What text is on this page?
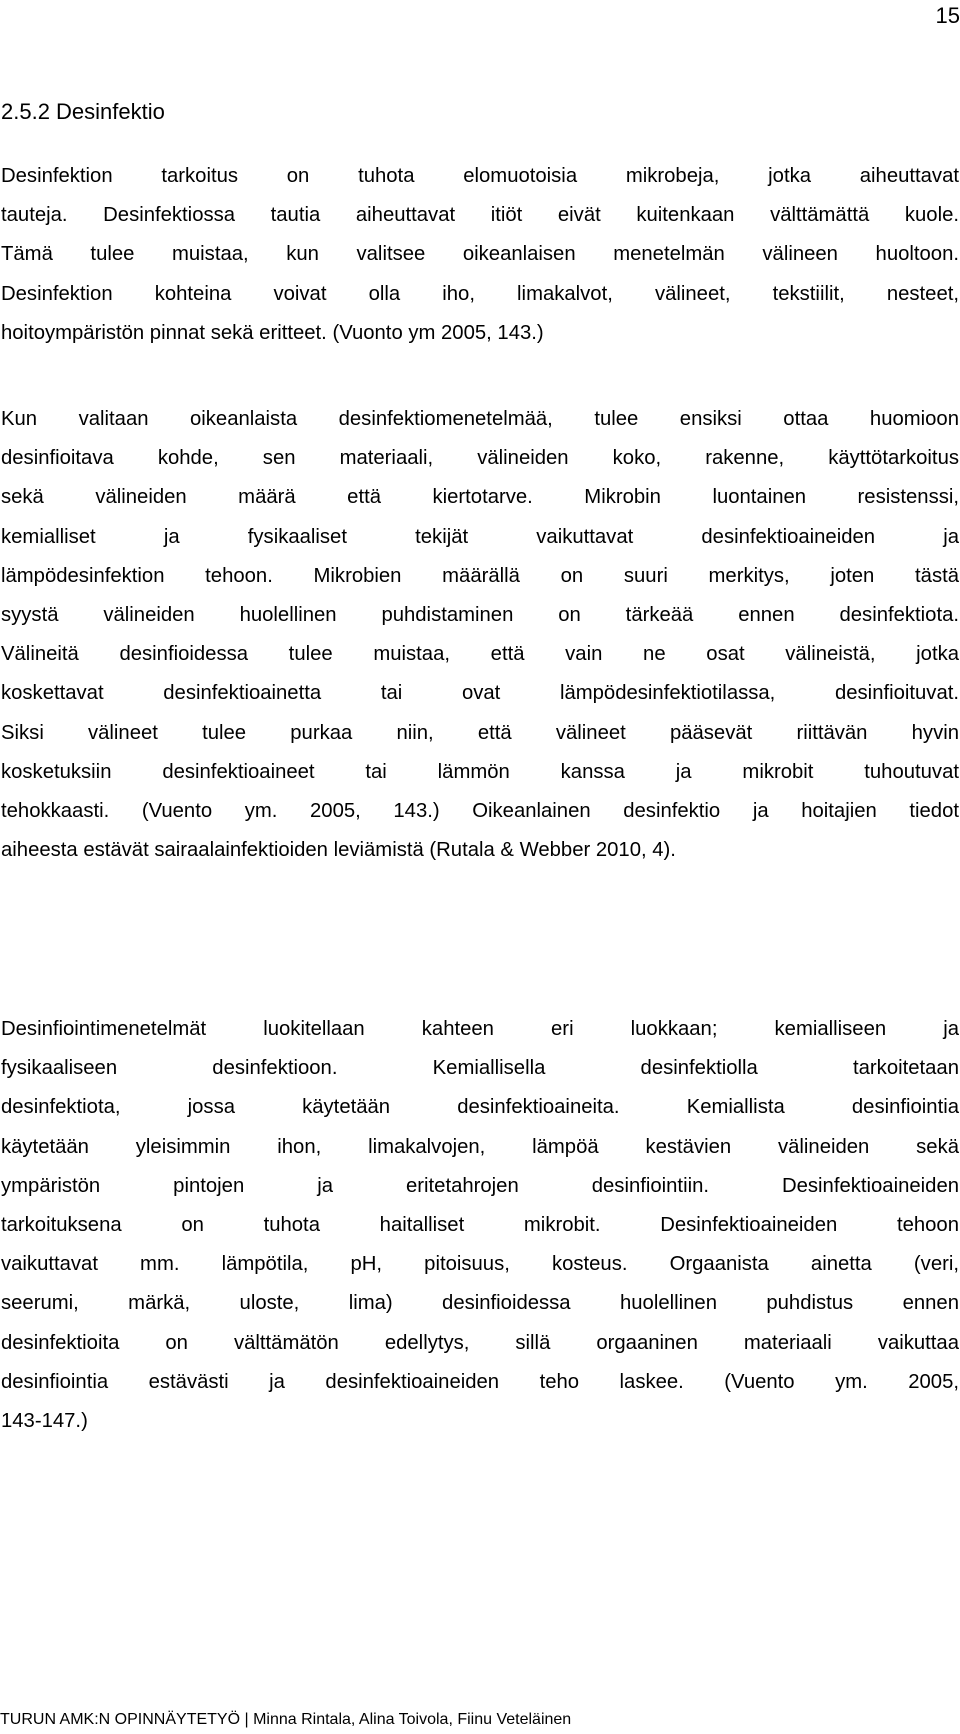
15
2.5.2 Desinfektio
Desinfektion tarkoitus on tuhota elomuotoisia mikrobeja, jotka aiheuttavat
tauteja. Desinfektiossa tautia aiheuttavat itiöt eivät kuitenkaan välttämättä kuole.
Tämä tulee muistaa, kun valitsee oikeanlaisen menetelmän välineen huoltoon.
Desinfektion kohteina voivat olla iho, limakalvot, välineet, tekstiilit, nesteet,
hoitoympäristön pinnat sekä eritteet. (Vuonto ym 2005, 143.)
Kun valitaan oikeanlaista desinfektiomenetelmää, tulee ensiksi ottaa huomioon
desinfioitava kohde, sen materiaali, välineiden koko, rakenne, käyttötarkoitus
sekä välineiden määrä että kiertotarve. Mikrobin luontainen resistenssi,
kemialliset ja fysikaaliset tekijät vaikuttavat desinfektioaineiden ja
lämpödesinfektion tehoon. Mikrobien määrällä on suuri merkitys, joten tästä
syystä välineiden huolellinen puhdistaminen on tärkeää ennen desinfektiota.
Välineitä desinfioidessa tulee muistaa, että vain ne osat välineistä, jotka
koskettavat desinfektioainetta tai ovat lämpödesinfektiotilassa, desinfioituvat.
Siksi välineet tulee purkaa niin, että välineet pääsevät riittävän hyvin
kosketuksiin desinfektioaineet tai lämmön kanssa ja mikrobit tuhoutuvat
tehokkaasti. (Vuento ym. 2005, 143.) Oikeanlainen desinfektio ja hoitajien tiedot
aiheesta estävät sairaalainfektioiden leviämistä (Rutala & Webber 2010, 4).
Desinfiointimenetelmät luokitellaan kahteen eri luokkaan; kemialliseen ja
fysikaaliseen desinfektioon. Kemiallisella desinfektiolla tarkoitetaan
desinfektiota, jossa käytetään desinfektioaineita. Kemiallista desinfiointia
käytetään yleisimmin ihon, limakalvojen, lämpöä kestävien välineiden sekä
ympäristön pintojen ja eritetahrojen desinfiointiin. Desinfektioaineiden
tarkoituksena on tuhota haitalliset mikrobit. Desinfektioaineiden tehoon
vaikuttavat mm. lämpötila, pH, pitoisuus, kosteus. Orgaanista ainetta (veri,
seerumi, märkä, uloste, lima) desinfioidessa huolellinen puhdistus ennen
desinfektioita on välttämätön edellytys, sillä orgaaninen materiaali vaikuttaa
desinfiointia estävästi ja desinfektioaineiden teho laskee. (Vuento ym. 2005,
143-147.)
TURUN AMK:N OPINNÄYTETYÖ | Minna Rintala, Alina Toivola, Fiinu Veteläinen
